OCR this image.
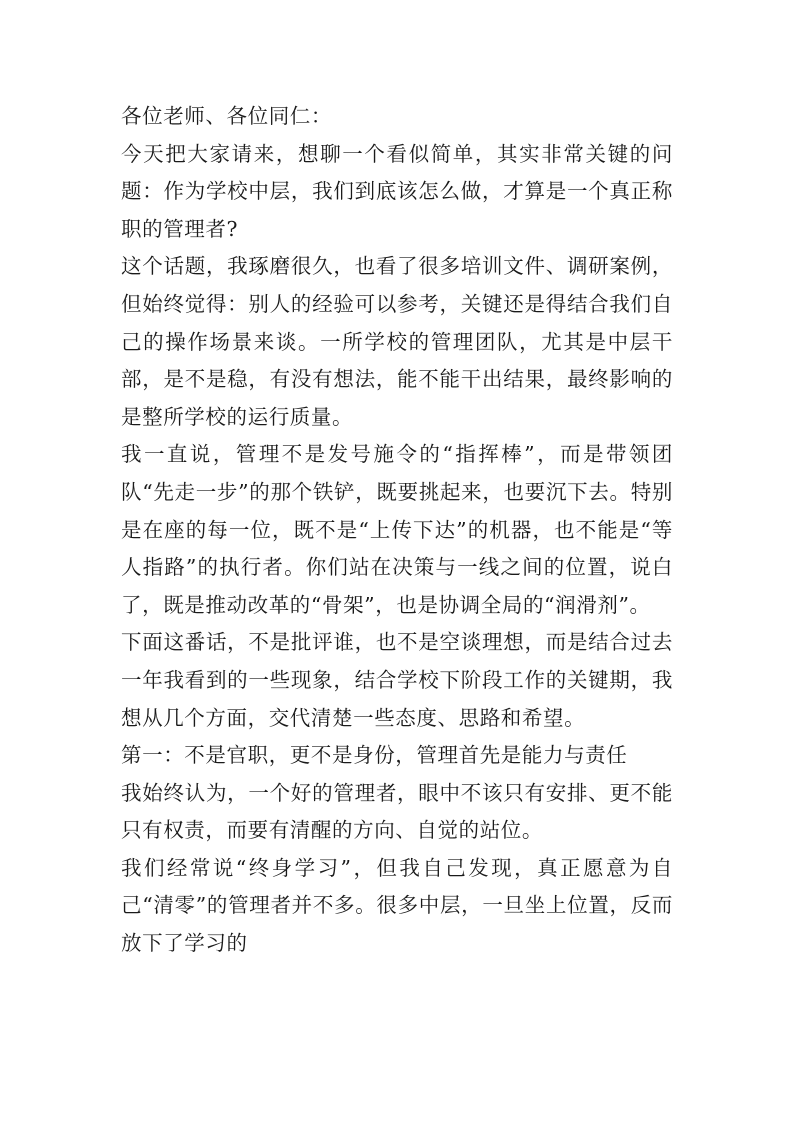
各位老师、各位同仁：

今天把大家请来，想聊一个看似简单，其实非常关键的问题：作为学校中层，我们到底该怎么做，才算是一个真正称职的管理者?

这个话题，我琢磨很久，也看了很多培训文件、调研案例，但始终觉得：别人的经验可以参考，关键还是得结合我们自己的操作场景来谈。一所学校的管理团队，尤其是中层干部，是不是稳，有没有想法，能不能干出结果，最终影响的是整所学校的运行质量。

我一直说，管理不是发号施令的“指挥棒”，而是带领团队“先走一步”的那个铁铲，既要挑起来，也要沉下去。特别是在座的每一位，既不是“上传下达”的机器，也不能是“等人指路”的执行者。你们站在决策与一线之间的位置，说白了，既是推动改革的“骨架”，也是协调全局的“润滑剂”。

下面这番话，不是批评谁，也不是空谈理想，而是结合过去一年我看到的一些现象，结合学校下阶段工作的关键期，我想从几个方面，交代清楚一些态度、思路和希望。

第一：不是官职，更不是身份，管理首先是能力与责任

我始终认为，一个好的管理者，眼中不该只有安排、更不能只有权责，而要有清醒的方向、自觉的站位。

我们经常说“终身学习”，但我自己发现，真正愿意为自己“清零”的管理者并不多。很多中层，一旦坐上位置，反而放下了学习的
